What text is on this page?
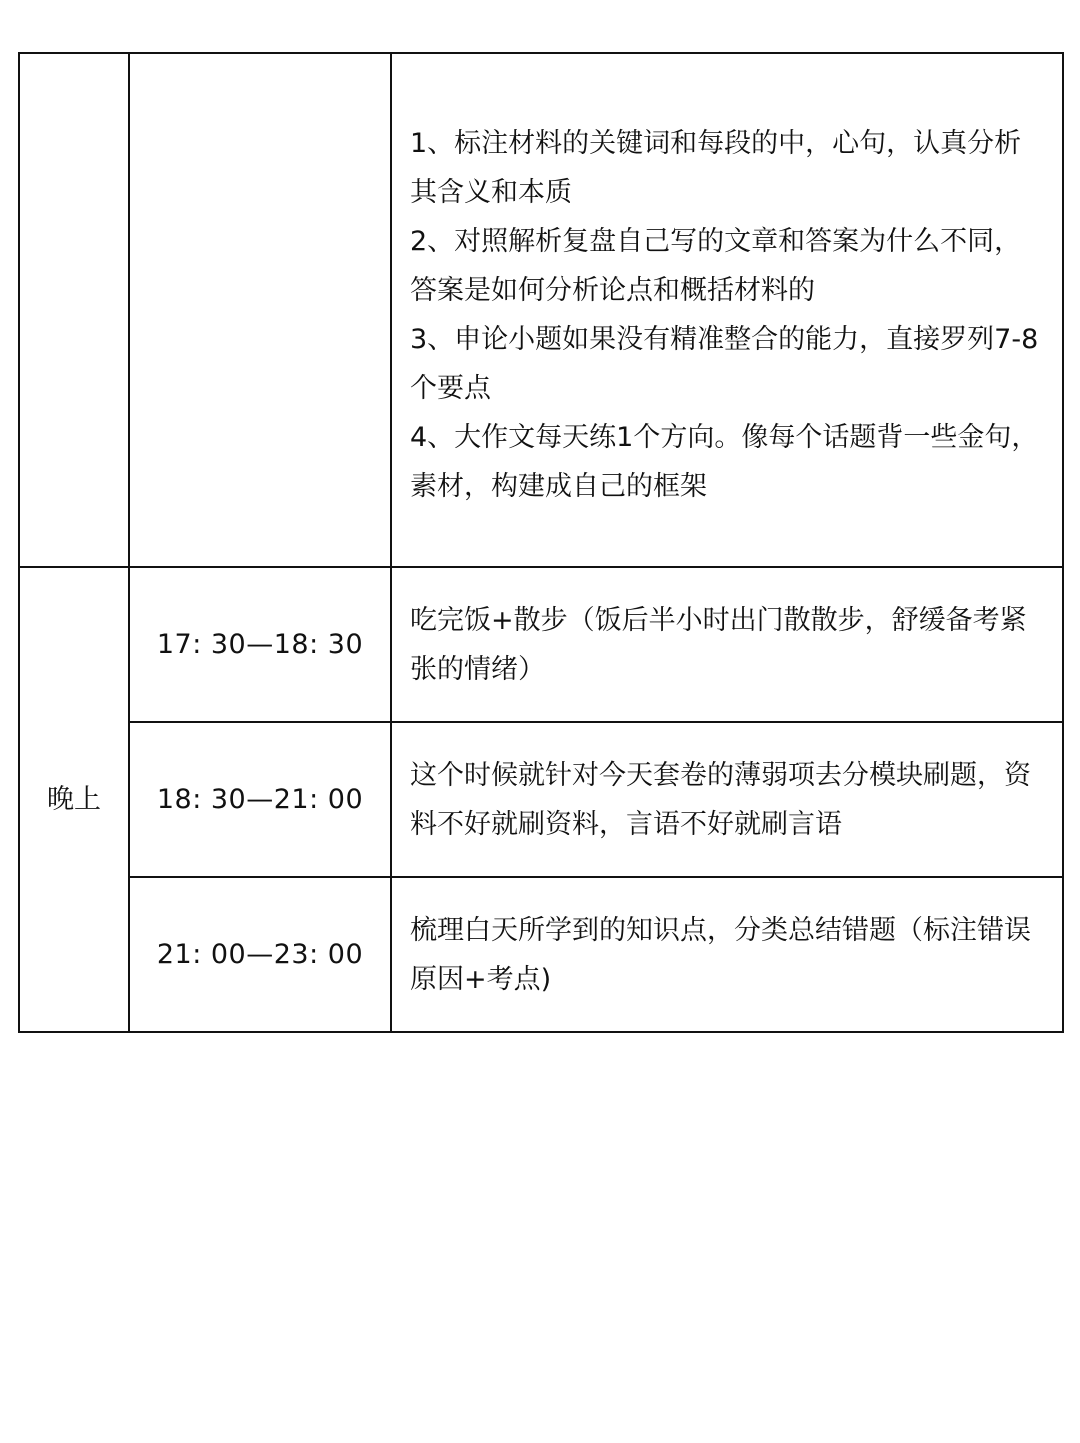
		1、标注材料的关键词和每段的中，心句，认真分析其含义和本质
2、对照解析复盘自己写的文章和答案为什么不同，答案是如何分析论点和概括材料的
3、申论小题如果没有精准整合的能力，直接罗列7-8个要点
4、大作文每天练1个方向。像每个话题背一些金句，素材，构建成自己的框架

晚上	17: 30—18: 30	吃完饭+散步（饭后半小时出门散散步，舒缓备考紧张的情绪）

	18: 30—21: 00	这个时候就针对今天套卷的薄弱项去分模块刷题，资料不好就刷资料，言语不好就刷言语

	21: 00—23: 00	梳理白天所学到的知识点，分类总结错题（标注错误原因+考点)
